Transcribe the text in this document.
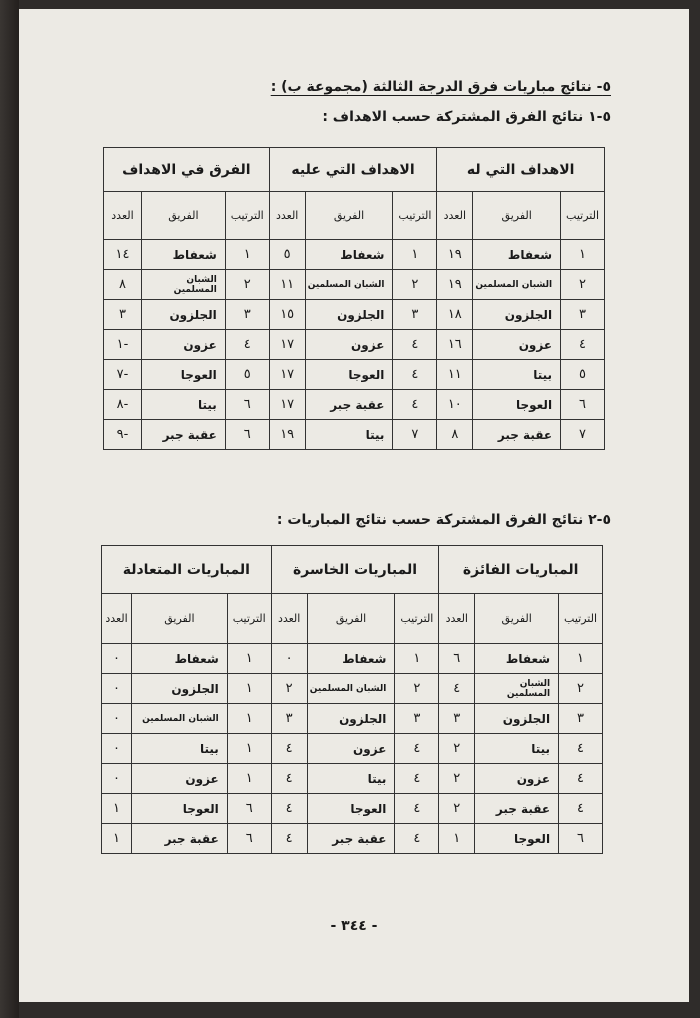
٥- نتائج مباريات فرق الدرجة الثالثة (مجموعة ب) :
٥-١ نتائج الفرق المشتركة حسب الاهداف :
الاهداف التي له			الاهداف التي عليه			الفرق في الاهداف		
الترتيب	الفريق	العدد	الترتيب	الفريق	العدد	الترتيب	الفريق	العدد
١	شعفاط	١٩	١	شعفاط	٥	١	شعفاط	١٤
٢	الشبان المسلمين	١٩	٢	الشبان المسلمين	١١	٢	الشبان المسلمين	٨
٣	الجلزون	١٨	٣	الجلزون	١٥	٣	الجلزون	٣
٤	عزون	١٦	٤	عزون	١٧	٤	عزون	-١
٥	بيتا	١١	٤	العوجا	١٧	٥	العوجا	-٧
٦	العوجا	١٠	٤	عقبة جبر	١٧	٦	بيتا	-٨
٧	عقبة جبر	٨	٧	بيتا	١٩	٦	عقبة جبر	-٩
٥-٢ نتائج الفرق المشتركة حسب نتائج المباريات :
المباريات الفائزة			المباريات الخاسرة			المباريات المتعادلة		
الترتيب	الفريق	العدد	الترتيب	الفريق	العدد	الترتيب	الفريق	العدد
١	شعفاط	٦	١	شعفاط	٠	١	شعفاط	٠
٢	الشبان المسلمين	٤	٢	الشبان المسلمين	٢	١	الجلزون	٠
٣	الجلزون	٣	٣	الجلزون	٣	١	الشبان المسلمين	٠
٤	بيتا	٢	٤	عزون	٤	١	بيتا	٠
٤	عزون	٢	٤	بيتا	٤	١	عزون	٠
٤	عقبة جبر	٢	٤	العوجا	٤	٦	العوجا	١
٦	العوجا	١	٤	عقبة جبر	٤	٦	عقبة جبر	١
- ٣٤٤ -
